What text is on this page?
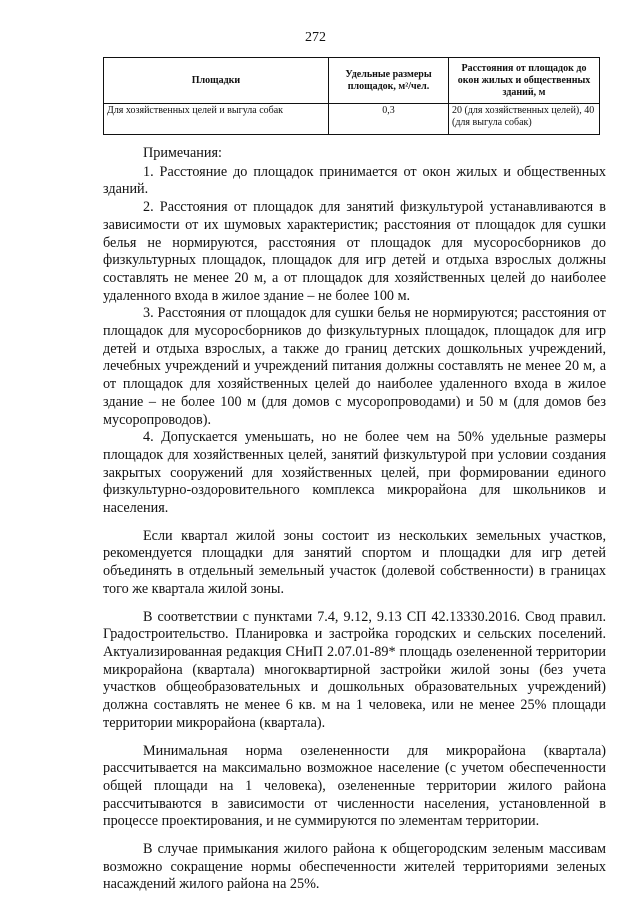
272
Площадки	Удельные размеры площадок, м²/чел.	Расстояния от площадок до окон жилых и общественных зданий, м
Для хозяйственных целей и выгула собак	0,3	20 (для хозяйственных целей), 40 (для выгула собак)

Примечания:

1. Расстояние до площадок принимается от окон жилых и общественных зданий.

2. Расстояния от площадок для занятий физкультурой устанавливаются в зависимости от их шумовых характеристик; расстояния от площадок для сушки белья не нормируются, расстояния от площадок для мусоросборников до физкультурных площадок, площадок для игр детей и отдыха взрослых должны составлять не менее 20 м, а от площадок для хозяйственных целей до наиболее удаленного входа в жилое здание – не более 100 м.

3. Расстояния от площадок для сушки белья не нормируются; расстояния от площадок для мусоросборников до физкультурных площадок, площадок для игр детей и отдыха взрослых, а также до границ детских дошкольных учреждений, лечебных учреждений и учреждений питания должны составлять не менее 20 м, а от площадок для хозяйственных целей до наиболее удаленного входа в жилое здание – не более 100 м (для домов с мусоропроводами) и 50 м (для домов без мусоропроводов).

4. Допускается уменьшать, но не более чем на 50% удельные размеры площадок для хозяйственных целей, занятий физкультурой при условии создания закрытых сооружений для хозяйственных целей, при формировании единого физкультурно-оздоровительного комплекса микрорайона для школьников и населения.

Если квартал жилой зоны состоит из нескольких земельных участков, рекомендуется площадки для занятий спортом и площадки для игр детей объединять в отдельный земельный участок (долевой собственности) в границах того же квартала жилой зоны.

В соответствии с пунктами 7.4, 9.12, 9.13 СП 42.13330.2016. Свод правил. Градостроительство. Планировка и застройка городских и сельских поселений. Актуализированная редакция СНиП 2.07.01-89* площадь озелененной территории микрорайона (квартала) многоквартирной застройки жилой зоны (без учета участков общеобразовательных и дошкольных образовательных учреждений) должна составлять не менее 6 кв. м на 1 человека, или не менее 25% площади территории микрорайона (квартала).

Минимальная норма озелененности для микрорайона (квартала) рассчитывается на максимально возможное население (с учетом обеспеченности общей площади на 1 человека), озелененные территории жилого района рассчитываются в зависимости от численности населения, установленной в процессе проектирования, и не суммируются по элементам территории.

В случае примыкания жилого района к общегородским зеленым массивам возможно сокращение нормы обеспеченности жителей территориями зеленых насаждений жилого района на 25%.
